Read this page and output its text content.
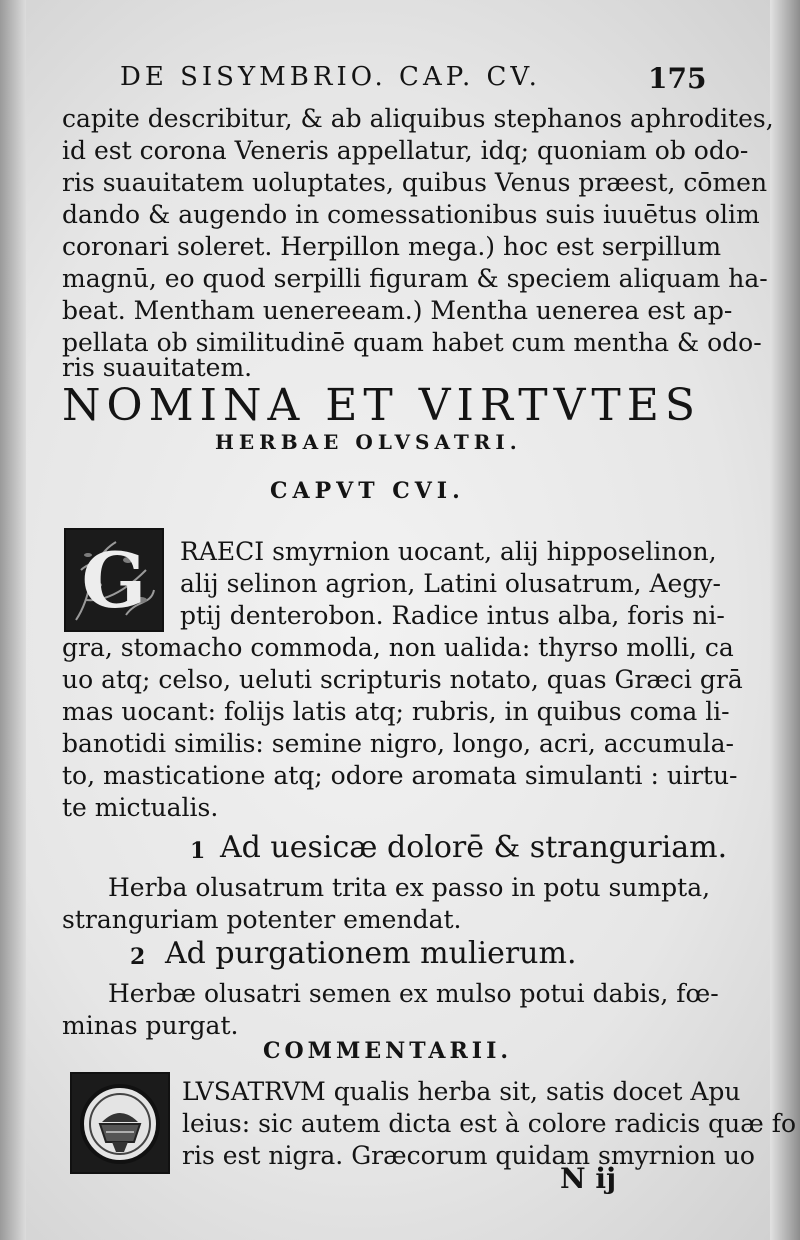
DE SISYMBRIO. CAP. CV.	175
capite describitur, & ab aliquibus stephanos aphrodites,
id est corona Veneris appellatur, idq; quoniam ob odo-
ris suauitatem uoluptates, quibus Venus præest, cōmen
dando & augendo in comessationibus suis iuuētus olim
coronari soleret. Herpillon mega.) hoc est serpillum
magnū, eo quod serpilli figuram & speciem aliquam ha-
beat. Mentham uenereeam.) Mentha uenerea est ap-
pellata ob similitudinē quam habet cum mentha & odo-
ris suauitatem.
NOMINA ET VIRTVTES
HERBAE OLVSATRI.
CAPVT CVI.
G RAECI smyrnion uocant, alij hipposelinon,
alij selinon agrion, Latini olusatrum, Aegy-
ptij denterobon. Radice intus alba, foris ni-
gra, stomacho commoda, non ualida: thyrso molli, ca
uo atq; celso, ueluti scripturis notato, quas Græci grā
mas uocant: folijs latis atq; rubris, in quibus coma li-
banotidi similis: semine nigro, longo, acri, accumula-
to, masticatione atq; odore aromata simulanti : uirtu-
te mictualis.
1 Ad uesicæ dolorē & stranguriam.
Herba olusatrum trita ex passo in potu sumpta,
stranguriam potenter emendat.
2 Ad purgationem mulierum.
Herbæ olusatri semen ex mulso potui dabis, fœ-
minas purgat.
COMMENTARII.
LVSATRVM qualis herba sit, satis docet Apu
leius: sic autem dicta est à colore radicis quæ fo
ris est nigra. Græcorum quidam smyrnion uo
N ij
